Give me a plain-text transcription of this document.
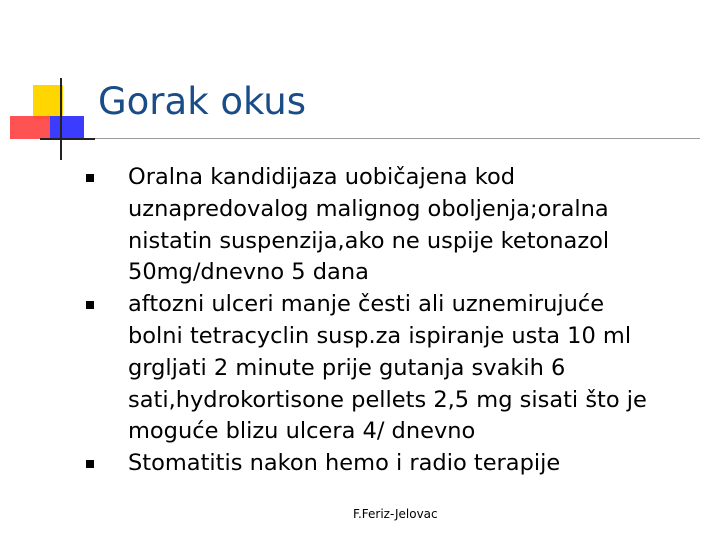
Gorak okus
Oralna kandidijaza uobičajena kod
uznapredovalog malignog oboljenja;oralna
nistatin suspenzija,ako ne uspije ketonazol
50mg/dnevno 5 dana
aftozni ulceri manje česti ali uznemirujuće
bolni tetracyclin susp.za ispiranje usta 10 ml
grgljati 2 minute prije gutanja svakih 6
sati,hydrokortisone pellets 2,5 mg sisati što je
moguće blizu ulcera 4/ dnevno
Stomatitis nakon hemo i radio terapije
F.Feriz-Jelovac
